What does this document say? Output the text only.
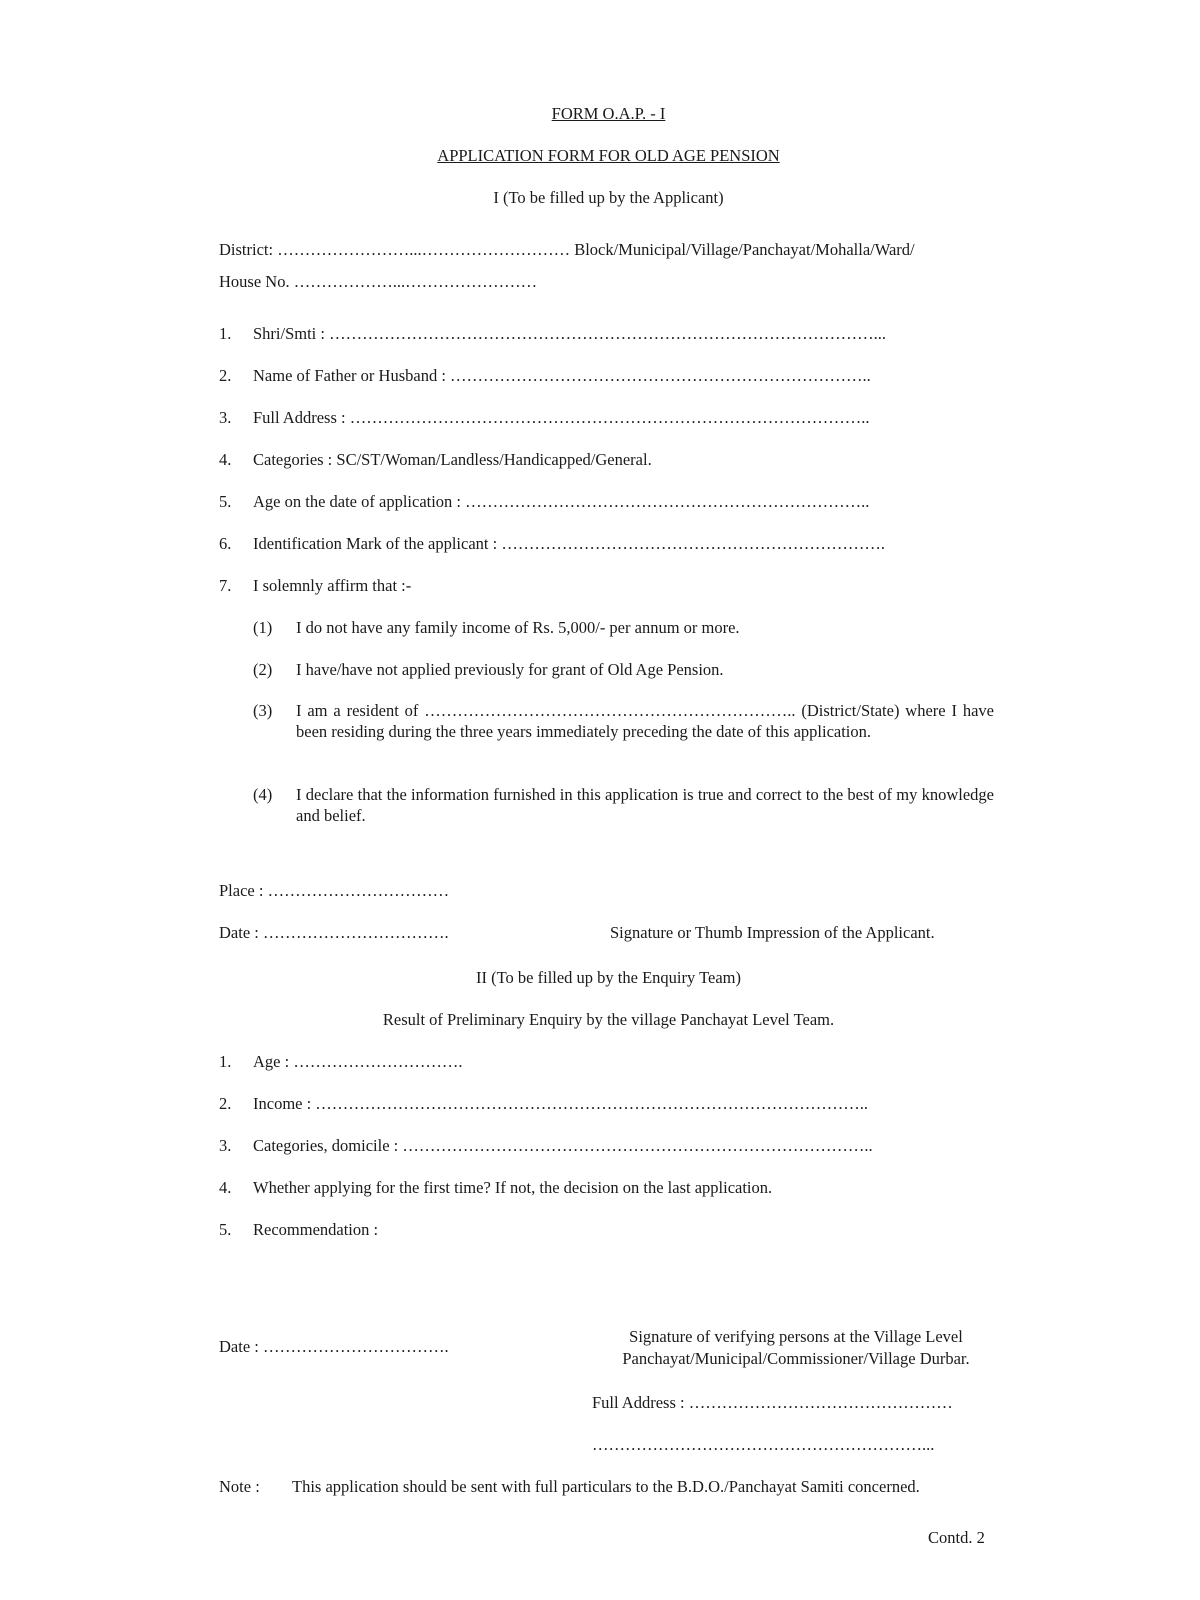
FORM O.A.P. - I
APPLICATION FORM FOR OLD AGE PENSION
I (To be filled up by the Applicant)
District: ……………………...……………………… Block/Municipal/Village/Panchayat/Mohalla/Ward/
House No. ………………...……………………
1. Shri/Smti : ………………………………………………………………………………………...
2. Name of Father or Husband : …………………………………………………………………..
3. Full Address : …………………………………………………………………………………..
4. Categories : SC/ST/Woman/Landless/Handicapped/General.
5. Age on the date of application : ………………………………………………………………..
6. Identification Mark of the applicant : …………………………………………………………….
7. I solemnly affirm that :-
(1) I do not have any family income of Rs. 5,000/- per annum or more.
(2) I have/have not applied previously for grant of Old Age Pension.
(3) I am a resident of ………………………………………………………….. (District/State) where I have been residing during the three years immediately preceding the date of this application.
(4) I declare that the information furnished in this application is true and correct to the best of my knowledge and belief.
Place : ……………………………
Date : …………………………….	Signature or Thumb Impression of the Applicant.
II (To be filled up by the Enquiry Team)
Result of Preliminary Enquiry by the village Panchayat Level Team.
1. Age : ………………………….
2. Income : ………………………………………………………………………………………..
3. Categories, domicile : …………………………………………………………………………..
4. Whether applying for the first time? If not, the decision on the last application.
5. Recommendation :
Date : …………………………….
Signature of verifying persons at the Village Level
Panchayat/Municipal/Commissioner/Village Durbar.
Full Address : …………………………………………
……………………………………………………...
Note : This application should be sent with full particulars to the B.D.O./Panchayat Samiti concerned.
Contd. 2
